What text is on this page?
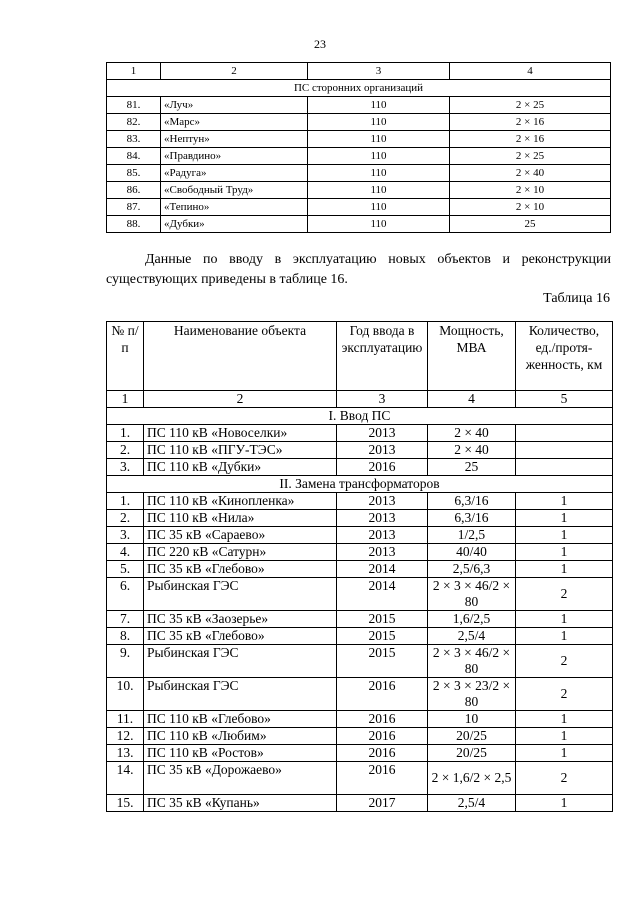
23
1	2	3	4
ПС сторонних организаций			
81.	«Луч»	110	2 × 25
82.	«Марс»	110	2 × 16
83.	«Нептун»	110	2 × 16
84.	«Правдино»	110	2 × 25
85.	«Радуга»	110	2 × 40
86.	«Свободный Труд»	110	2 × 10
87.	«Тепино»	110	2 × 10
88.	«Дубки»	110	25
Данные по вводу в эксплуатацию новых объектов и реконструкции существующих приведены в таблице 16.
Таблица 16
№ п/п	Наименование объекта	Год ввода в эксплуатацию	Мощность, МВА	Количество, ед./протя-женность, км
1	2	3	4	5
I. Ввод ПС				
1.	ПС 110 кВ «Новоселки»	2013	2 × 40	
2.	ПС 110 кВ «ПГУ-ТЭС»	2013	2 × 40	
3.	ПС 110 кВ «Дубки»	2016	25	
II. Замена трансформаторов				
1.	ПС 110 кВ «Кинопленка»	2013	6,3/16	1
2.	ПС 110 кВ «Нила»	2013	6,3/16	1
3.	ПС 35 кВ «Сараево»	2013	1/2,5	1
4.	ПС 220 кВ «Сатурн»	2013	40/40	1
5.	ПС 35 кВ «Глебово»	2014	2,5/6,3	1
6.	Рыбинская ГЭС	2014	2 × 3 × 46/2 × 80	2
7.	ПС 35 кВ «Заозерье»	2015	1,6/2,5	1
8.	ПС 35 кВ «Глебово»	2015	2,5/4	1
9.	Рыбинская ГЭС	2015	2 × 3 × 46/2 × 80	2
10.	Рыбинская ГЭС	2016	2 × 3 × 23/2 × 80	2
11.	ПС 110 кВ «Глебово»	2016	10	1
12.	ПС 110 кВ «Любим»	2016	20/25	1
13.	ПС 110 кВ «Ростов»	2016	20/25	1
14.	ПС 35 кВ «Дорожаево»	2016	2 × 1,6/2 × 2,5	2
15.	ПС 35 кВ «Купань»	2017	2,5/4	1
